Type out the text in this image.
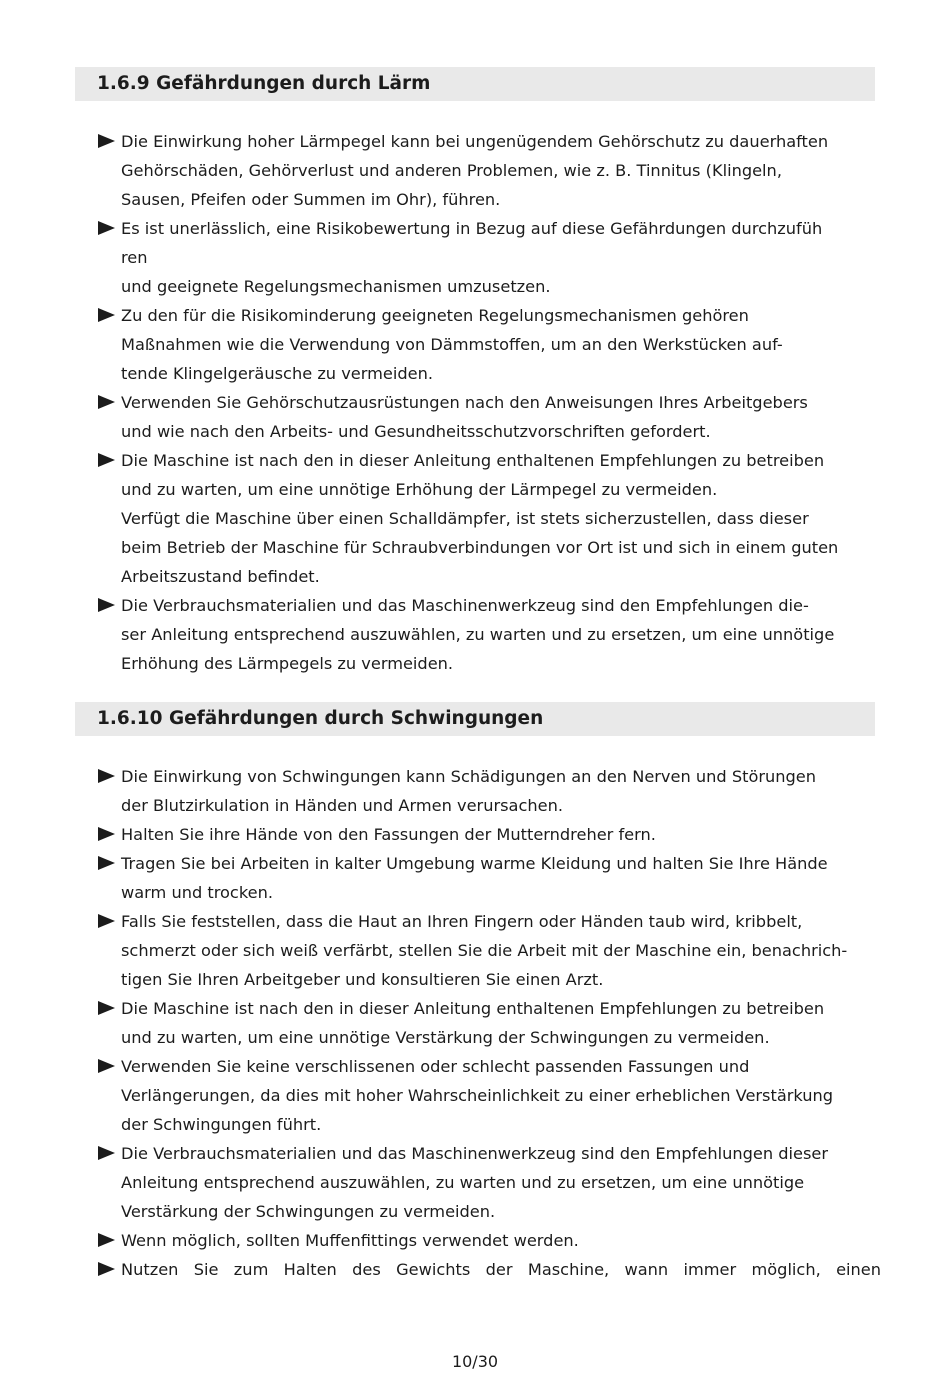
1.6.9 Gefährdungen durch Lärm
Die Einwirkung hoher Lärmpegel kann bei ungenügendem Gehörschutz zu dauerhaften
Gehörschäden, Gehörverlust und anderen Problemen, wie z. B. Tinnitus (Klingeln,
Sausen, Pfeifen oder Summen im Ohr), führen.
Es ist unerlässlich, eine Risikobewertung in Bezug auf diese Gefährdungen durchzufüh
ren
und geeignete Regelungsmechanismen umzusetzen.
Zu den für die Risikominderung geeigneten Regelungsmechanismen gehören
Maßnahmen wie die Verwendung von Dämmstoffen, um an den Werkstücken auf-
tende Klingelgeräusche zu vermeiden.
Verwenden Sie Gehörschutzausrüstungen nach den Anweisungen Ihres Arbeitgebers
und wie nach den Arbeits- und Gesundheitsschutzvorschriften gefordert.
Die Maschine ist nach den in dieser Anleitung enthaltenen Empfehlungen zu betreiben
und zu warten, um eine unnötige Erhöhung der Lärmpegel zu vermeiden.
Verfügt die Maschine über einen Schalldämpfer, ist stets sicherzustellen, dass dieser
beim Betrieb der Maschine für Schraubverbindungen vor Ort ist und sich in einem guten
Arbeitszustand befindet.
Die Verbrauchsmaterialien und das Maschinenwerkzeug sind den Empfehlungen die-
ser Anleitung entsprechend auszuwählen, zu warten und zu ersetzen, um eine unnötige
Erhöhung des Lärmpegels zu vermeiden.
1.6.10 Gefährdungen durch Schwingungen
Die Einwirkung von Schwingungen kann Schädigungen an den Nerven und Störungen
der Blutzirkulation in Händen und Armen verursachen.
Halten Sie ihre Hände von den Fassungen der Mutterndreher fern.
Tragen Sie bei Arbeiten in kalter Umgebung warme Kleidung und halten Sie Ihre Hände
warm und trocken.
Falls Sie feststellen, dass die Haut an Ihren Fingern oder Händen taub wird, kribbelt,
schmerzt oder sich weiß verfärbt, stellen Sie die Arbeit mit der Maschine ein, benachrich-
tigen Sie Ihren Arbeitgeber und konsultieren Sie einen Arzt.
Die Maschine ist nach den in dieser Anleitung enthaltenen Empfehlungen zu betreiben
und zu warten, um eine unnötige Verstärkung der Schwingungen zu vermeiden.
Verwenden Sie keine verschlissenen oder schlecht passenden Fassungen und
Verlängerungen, da dies mit hoher Wahrscheinlichkeit zu einer erheblichen Verstärkung
der Schwingungen führt.
Die Verbrauchsmaterialien und das Maschinenwerkzeug sind den Empfehlungen dieser
Anleitung entsprechend auszuwählen, zu warten und zu ersetzen, um eine unnötige
Verstärkung der Schwingungen zu vermeiden.
Wenn möglich, sollten Muffenfittings verwendet werden.
Nutzen Sie zum Halten des Gewichts der Maschine, wann immer möglich, einen
10/30
